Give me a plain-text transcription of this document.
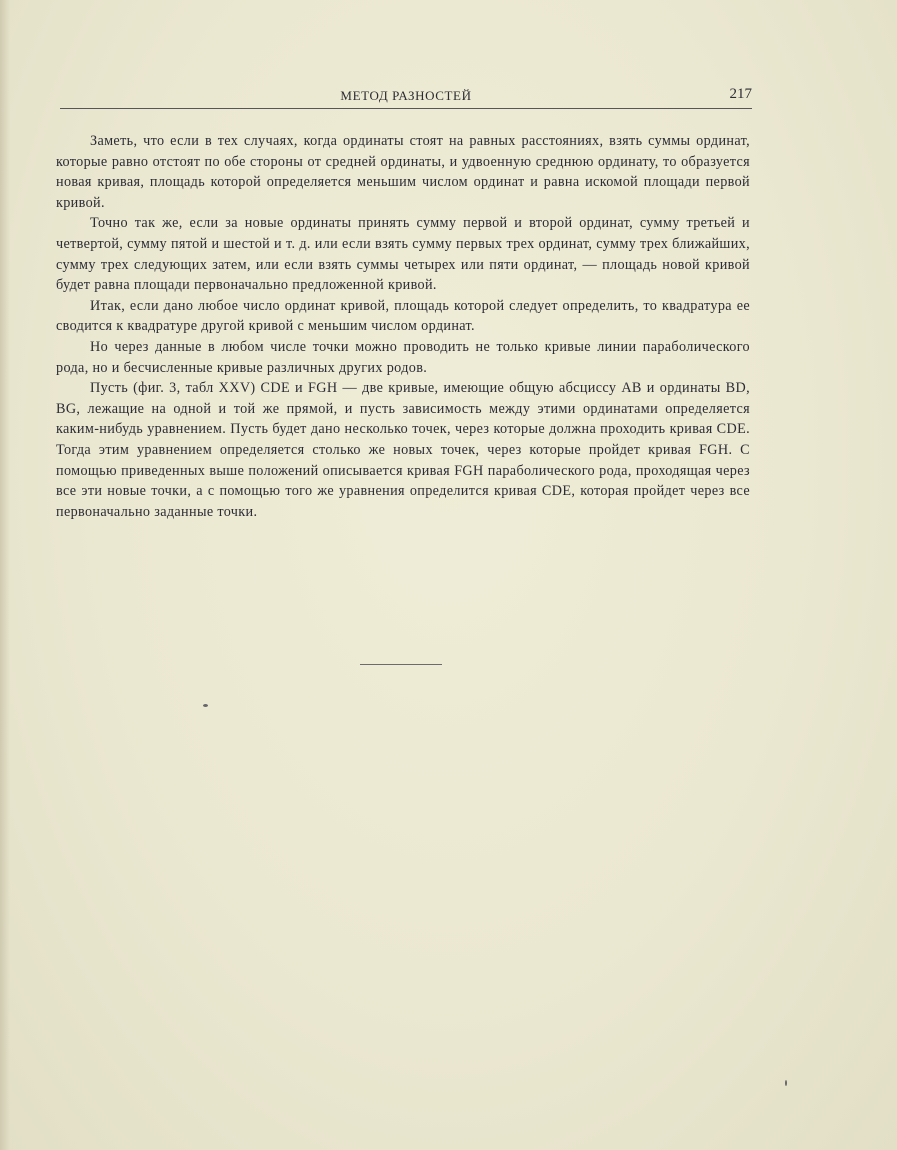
МЕТОД РАЗНОСТЕЙ	217

Заметь, что если в тех случаях, когда ординаты стоят на равных расстояниях, взять суммы ординат, которые равно отстоят по обе стороны от средней ординаты, и удвоенную среднюю ординату, то образуется новая кривая, площадь которой определяется меньшим числом ординат и равна искомой площади первой кривой.

Точно так же, если за новые ординаты принять сумму первой и второй ординат, сумму третьей и четвертой, сумму пятой и шестой и т. д. или если взять сумму первых трех ординат, сумму трех ближайших, сумму трех следующих затем, или если взять суммы четырех или пяти ординат, — площадь новой кривой будет равна площади первоначально предложенной кривой.

Итак, если дано любое число ординат кривой, площадь которой следует определить, то квадратура ее сводится к квадратуре другой кривой с меньшим числом ординат.

Но через данные в любом числе точки можно проводить не только кривые линии параболического рода, но и бесчисленные кривые различных других родов.

Пусть (фиг. 3, табл XXV) CDE и FGH — две кривые, имеющие общую абсциссу AB и ординаты BD, BG, лежащие на одной и той же прямой, и пусть зависимость между этими ординатами определяется каким-нибудь уравнением. Пусть будет дано несколько точек, через которые должна проходить кривая CDE. Тогда этим уравнением определяется столько же новых точек, через которые пройдет кривая FGH. С помощью приведенных выше положений описывается кривая FGH параболического рода, проходящая через все эти новые точки, а с помощью того же уравнения определится кривая CDE, которая пройдет через все первоначально заданные точки.
